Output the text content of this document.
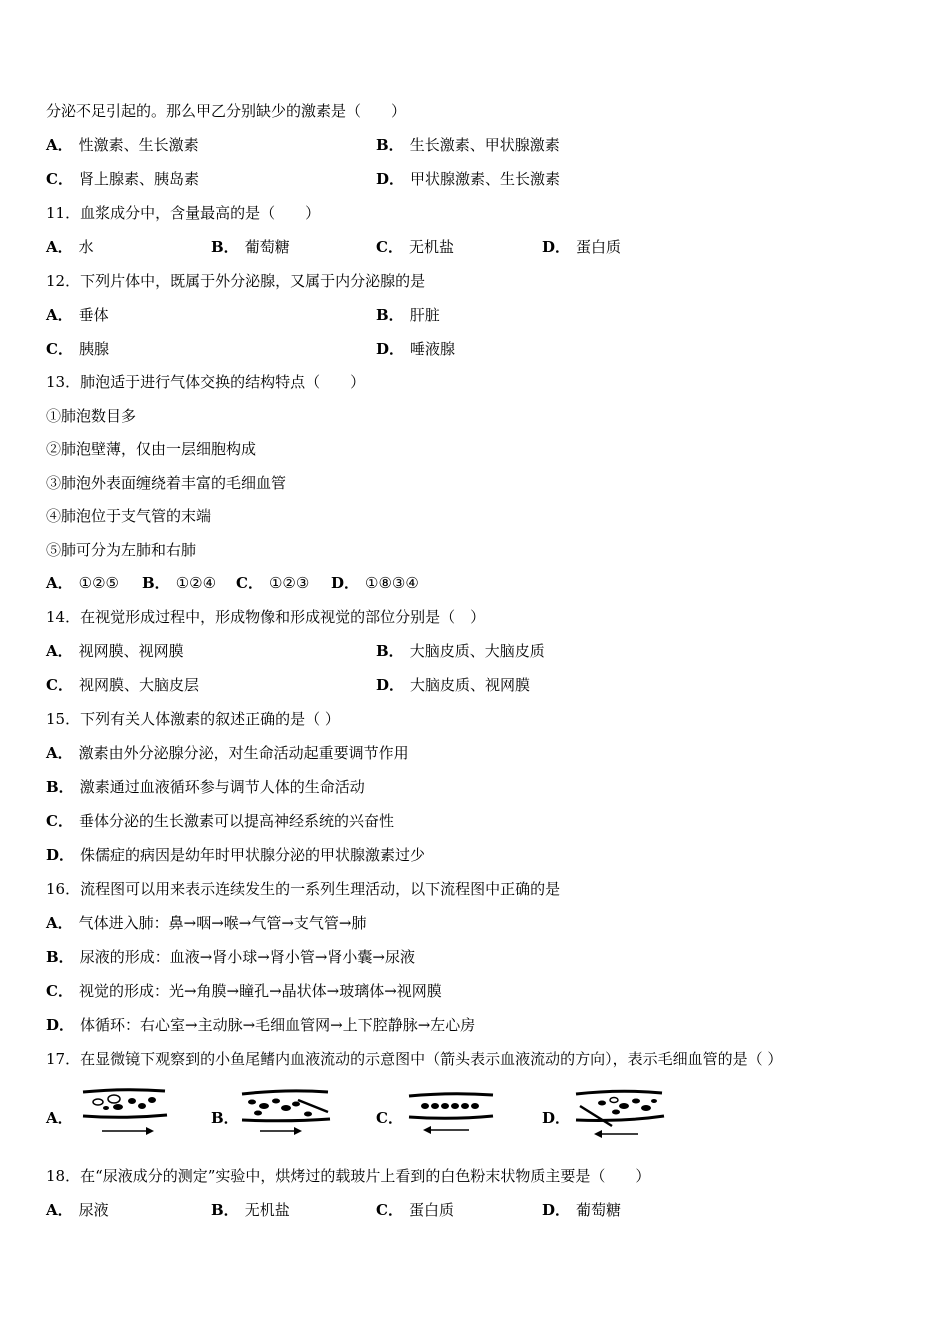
分泌不足引起的。那么甲乙分别缺少的激素是（　　）
A． 性激素、生长激素	B． 生长激素、甲状腺激素
C． 肾上腺素、胰岛素	D． 甲状腺激素、生长激素
11．血浆成分中，含量最高的是（　　）
A． 水	B． 葡萄糖	C． 无机盐	D． 蛋白质
12．下列片体中，既属于外分泌腺，又属于内分泌腺的是
A． 垂体	B． 肝脏
C． 胰腺	D． 唾液腺
13．肺泡适于进行气体交换的结构特点（　　）
①肺泡数目多
②肺泡壁薄，仅由一层细胞构成
③肺泡外表面缠绕着丰富的毛细血管
④肺泡位于支气管的末端
⑤肺可分为左肺和右肺
A． ①②⑤ B． ①②④ C． ①②③ D． ①⑧③④
14．在视觉形成过程中，形成物像和形成视觉的部位分别是（　）
A． 视网膜、视网膜	B． 大脑皮质、大脑皮质
C． 视网膜、大脑皮层	D． 大脑皮质、视网膜
15．下列有关人体激素的叙述正确的是（ ）
A． 激素由外分泌腺分泌，对生命活动起重要调节作用
B． 激素通过血液循环参与调节人体的生命活动
C． 垂体分泌的生长激素可以提高神经系统的兴奋性
D． 侏儒症的病因是幼年时甲状腺分泌的甲状腺激素过少
16．流程图可以用来表示连续发生的一系列生理活动，以下流程图中正确的是
A． 气体进入肺：鼻→咽→喉→气管→支气管→肺
B． 尿液的形成：血液→肾小球→肾小管→肾小囊→尿液
C． 视觉的形成：光→角膜→瞳孔→晶状体→玻璃体→视网膜
D． 体循环：右心室→主动脉→毛细血管网→上下腔静脉→左心房
17．在显微镜下观察到的小鱼尾鳍内血液流动的示意图中（箭头表示血液流动的方向），表示毛细血管的是（ ）
A．	B．	C．	D．
18．在“尿液成分的测定”实验中，烘烤过的载玻片上看到的白色粉末状物质主要是（　　）
A． 尿液	B． 无机盐	C． 蛋白质	D． 葡萄糖
